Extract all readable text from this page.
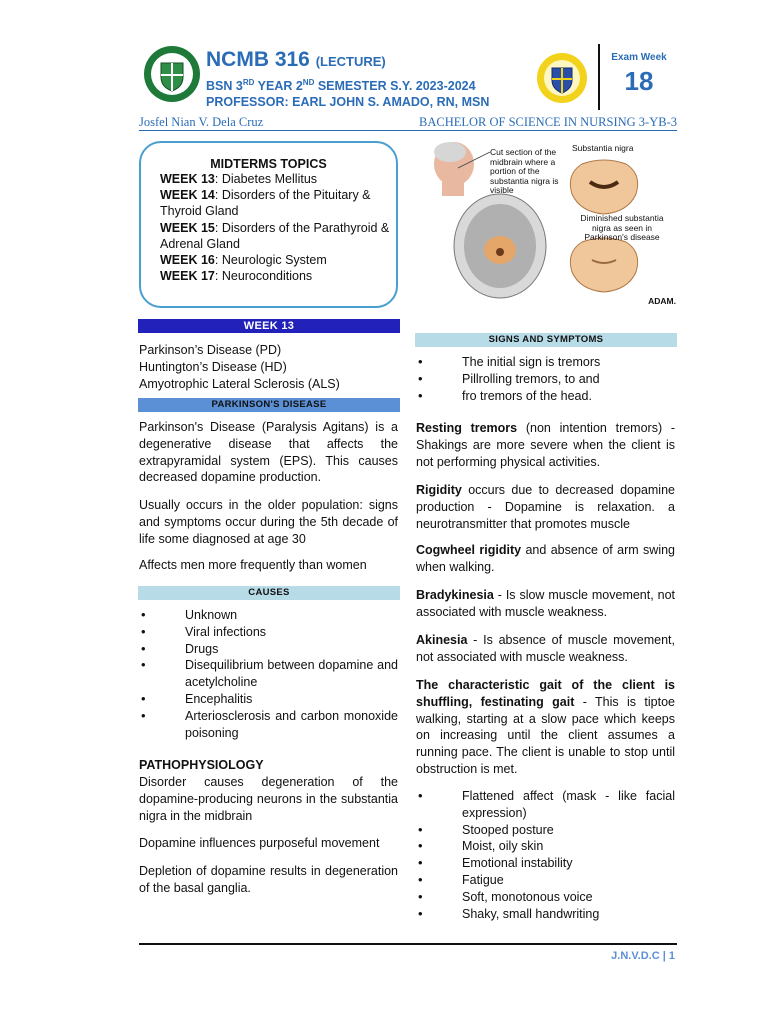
NCMB 316 (LECTURE)
BSN 3RD YEAR 2ND SEMESTER S.Y. 2023-2024
PROFESSOR: EARL JOHN S. AMADO, RN, MSN
Exam Week
18
Josfel Nian V. Dela Cruz	BACHELOR OF SCIENCE IN NURSING 3-YB-3
MIDTERMS TOPICS
WEEK 13: Diabetes Mellitus
WEEK 14: Disorders of the Pituitary & Thyroid Gland
WEEK 15: Disorders of the Parathyroid & Adrenal Gland
WEEK 16: Neurologic System
WEEK 17: Neuroconditions
Cut section of the midbrain where a portion of the substantia nigra is visible
Substantia nigra
Diminished substantia nigra as seen in Parkinson's disease
ADAM.
WEEK 13
Parkinson’s Disease (PD)
Huntington’s Disease (HD)
Amyotrophic Lateral Sclerosis (ALS)
PARKINSON'S DISEASE
Parkinson's Disease (Paralysis Agitans) is a degenerative disease that affects the extrapyramidal system (EPS). This causes decreased dopamine production.
Usually occurs in the older population: signs and symptoms occur during the 5th decade of life some diagnosed at age 30
Affects men more frequently than women
CAUSES
• Unknown
• Viral infections
• Drugs
• Disequilibrium between dopamine and acetylcholine
• Encephalitis
• Arteriosclerosis and carbon monoxide poisoning
PATHOPHYSIOLOGY
Disorder causes degeneration of the dopamine-producing neurons in the substantia nigra in the midbrain
Dopamine influences purposeful movement
Depletion of dopamine results in degeneration of the basal ganglia.
SIGNS AND SYMPTOMS
• The initial sign is tremors
• Pillrolling tremors, to and
• fro tremors of the head.
Resting tremors (non intention tremors) - Shakings are more severe when the client is not performing physical activities.
Rigidity occurs due to decreased dopamine production - Dopamine is relaxation. a neurotransmitter that promotes muscle
Cogwheel rigidity and absence of arm swing when walking.
Bradykinesia - Is slow muscle movement, not associated with muscle weakness.
Akinesia - Is absence of muscle movement, not associated with muscle weakness.
The characteristic gait of the client is shuffling, festinating gait - This is tiptoe walking, starting at a slow pace which keeps on increasing until the client assumes a running pace. The client is unable to stop until obstruction is met.
• Flattened affect (mask - like facial expression)
• Stooped posture
• Moist, oily skin
• Emotional instability
• Fatigue
• Soft, monotonous voice
• Shaky, small handwriting
J.N.V.D.C | 1
